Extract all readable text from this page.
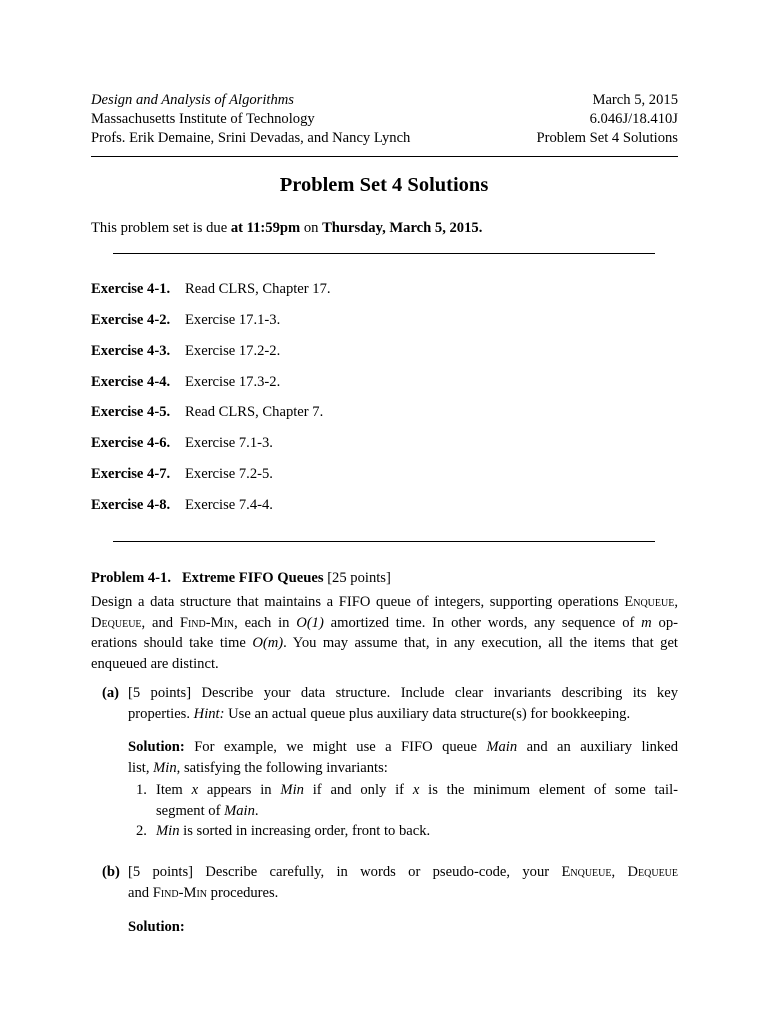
Design and Analysis of Algorithms	March 5, 2015
Massachusetts Institute of Technology	6.046J/18.410J
Profs. Erik Demaine, Srini Devadas, and Nancy Lynch	Problem Set 4 Solutions
Problem Set 4 Solutions
This problem set is due at 11:59pm on Thursday, March 5, 2015.
Exercise 4-1. Read CLRS, Chapter 17.
Exercise 4-2. Exercise 17.1-3.
Exercise 4-3. Exercise 17.2-2.
Exercise 4-4. Exercise 17.3-2.
Exercise 4-5. Read CLRS, Chapter 7.
Exercise 4-6. Exercise 7.1-3.
Exercise 4-7. Exercise 7.2-5.
Exercise 4-8. Exercise 7.4-4.
Problem 4-1. Extreme FIFO Queues [25 points]
Design a data structure that maintains a FIFO queue of integers, supporting operations Enqueue,
Dequeue, and Find-Min, each in O(1) amortized time. In other words, any sequence of m op-
erations should take time O(m). You may assume that, in any execution, all the items that get
enqueued are distinct.
(a) [5 points] Describe your data structure. Include clear invariants describing its key
properties. Hint: Use an actual queue plus auxiliary data structure(s) for bookkeeping.
Solution: For example, we might use a FIFO queue Main and an auxiliary linked
list, Min, satisfying the following invariants:
1. Item x appears in Min if and only if x is the minimum element of some tail-
segment of Main.
2. Min is sorted in increasing order, front to back.
(b) [5 points] Describe carefully, in words or pseudo-code, your Enqueue, Dequeue
and Find-Min procedures.
Solution:
